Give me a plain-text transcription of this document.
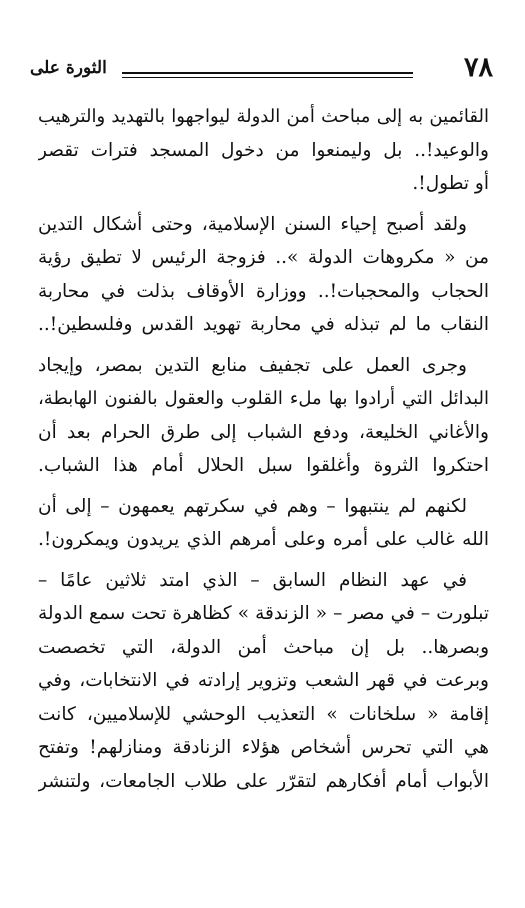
٧٨
الثورة على
القائمين به إلى مباحث أمن الدولة ليواجهوا بالتهديد والترهيب
والوعيد!.. بل وليمنعوا من دخول المسجد فترات تقصر
أو تطول!.
ولقد أصبح إحياء السنن الإسلامية، وحتى أشكال التدين
من « مكروهات الدولة ».. فزوجة الرئيس لا تطيق رؤية
الحجاب والمحجبات!.. ووزارة الأوقاف بذلت في محاربة
النقاب ما لم تبذله في محاربة تهويد القدس وفلسطين!..
وجرى العمل على تجفيف منابع التدين بمصر، وإيجاد
البدائل التي أرادوا بها ملء القلوب والعقول بالفنون الهابطة،
والأغاني الخليعة، ودفع الشباب إلى طرق الحرام بعد أن
احتكروا الثروة وأغلقوا سبل الحلال أمام هذا الشباب.
لكنهم لم ينتبهوا – وهم في سكرتهم يعمهون – إلى أن
الله غالب على أمره وعلى أمرهم الذي يريدون ويمكرون!.
في عهد النظام السابق – الذي امتد ثلاثين عامًا –
تبلورت – في مصر – « الزندقة » كظاهرة تحت سمع الدولة
وبصرها.. بل إن مباحث أمن الدولة، التي تخصصت
وبرعت في قهر الشعب وتزوير إرادته في الانتخابات، وفي
إقامة « سلخانات » التعذيب الوحشي للإسلاميين، كانت
هي التي تحرس أشخاص هؤلاء الزنادقة ومنازلهم! وتفتح
الأبواب أمام أفكارهم لتقرّر على طلاب الجامعات، ولتنشر
